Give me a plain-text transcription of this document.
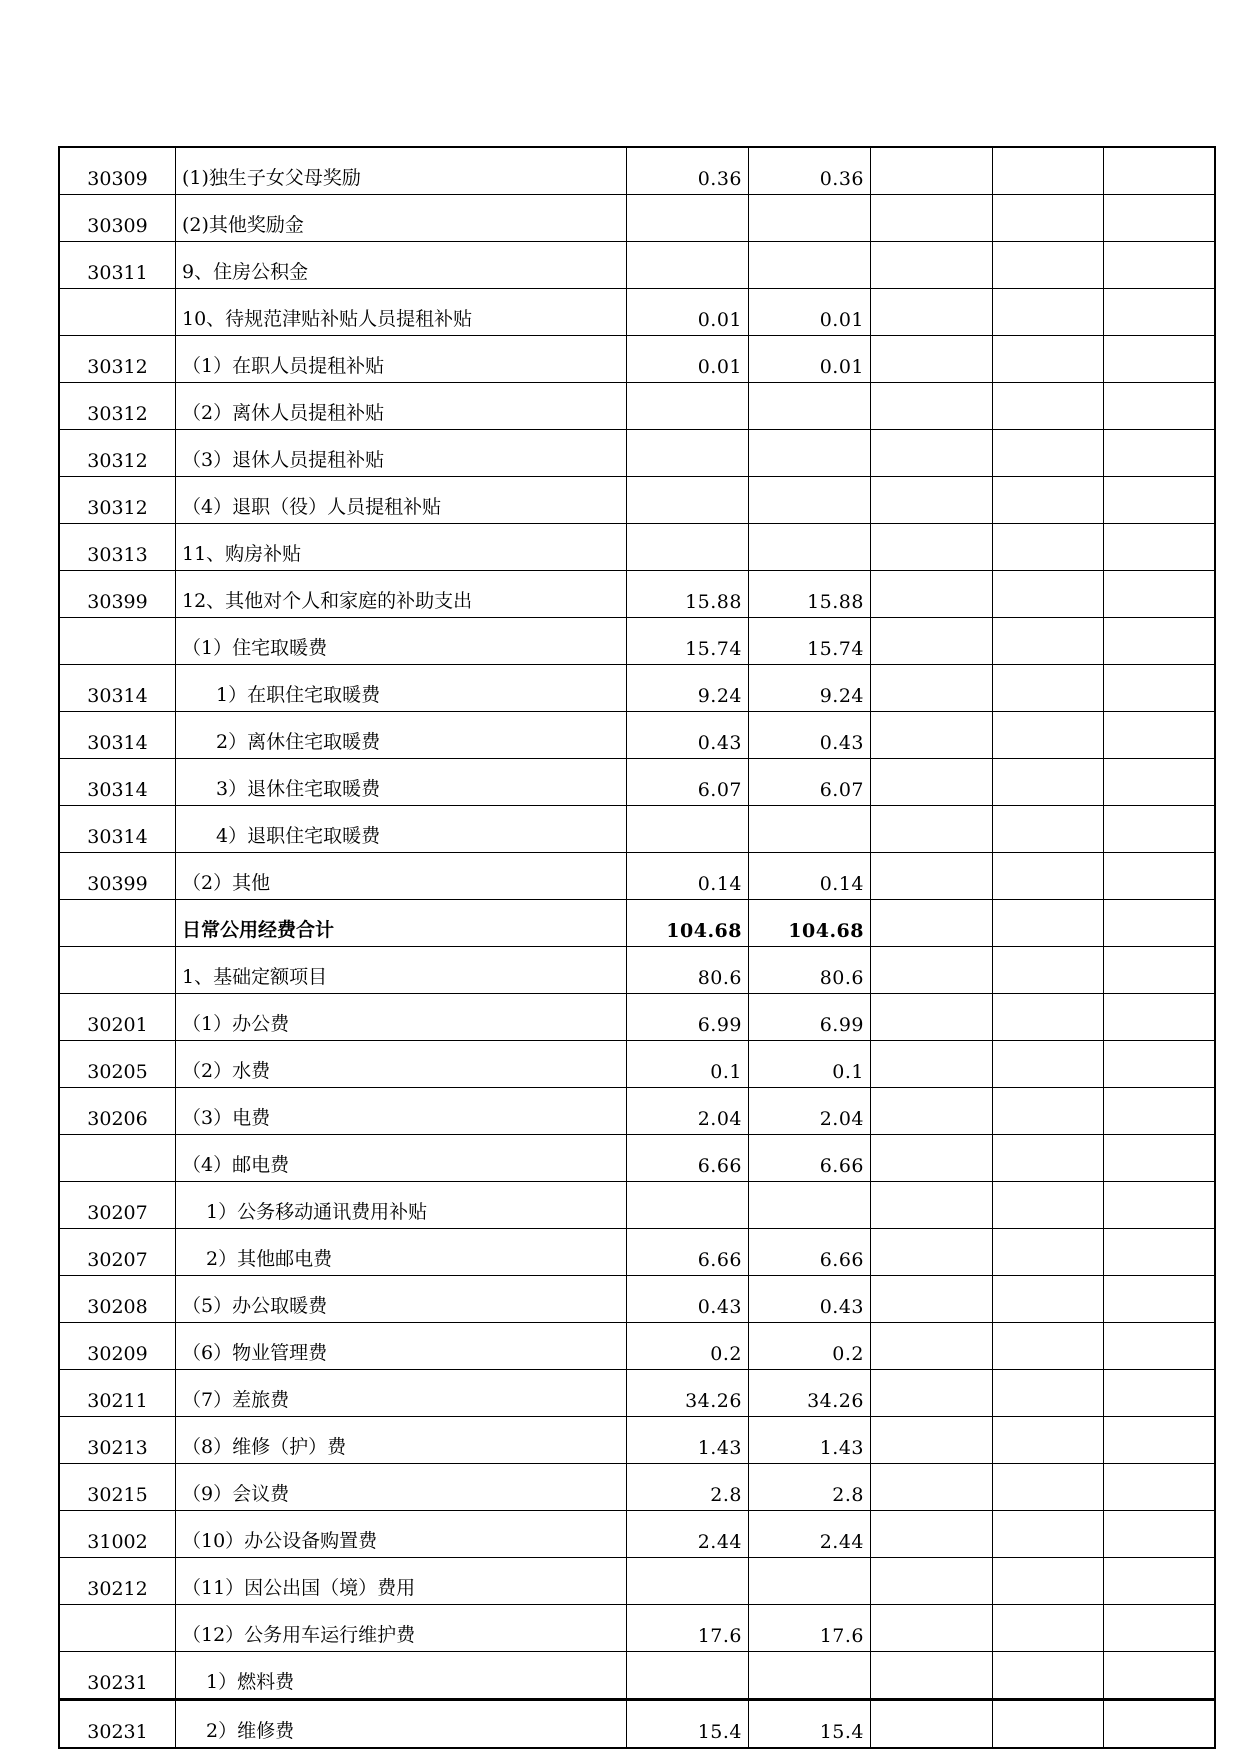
30309	(1)独生子女父母奖励	0.36	0.36			
30309	(2)其他奖励金					
30311	9、住房公积金					
	10、待规范津贴补贴人员提租补贴	0.01	0.01			
30312	（1）在职人员提租补贴	0.01	0.01			
30312	（2）离休人员提租补贴					
30312	（3）退休人员提租补贴					
30312	（4）退职（役）人员提租补贴					
30313	11、购房补贴					
30399	12、其他对个人和家庭的补助支出	15.88	15.88			
	（1）住宅取暖费	15.74	15.74			
30314	1）在职住宅取暖费	9.24	9.24			
30314	2）离休住宅取暖费	0.43	0.43			
30314	3）退休住宅取暖费	6.07	6.07			
30314	4）退职住宅取暖费					
30399	（2）其他	0.14	0.14			
	日常公用经费合计	104.68	104.68			
	1、基础定额项目	80.6	80.6			
30201	（1）办公费	6.99	6.99			
30205	（2）水费	0.1	0.1			
30206	（3）电费	2.04	2.04			
	（4）邮电费	6.66	6.66			
30207	1）公务移动通讯费用补贴					
30207	2）其他邮电费	6.66	6.66			
30208	（5）办公取暖费	0.43	0.43			
30209	（6）物业管理费	0.2	0.2			
30211	（7）差旅费	34.26	34.26			
30213	（8）维修（护）费	1.43	1.43			
30215	（9）会议费	2.8	2.8			
31002	（10）办公设备购置费	2.44	2.44			
30212	（11）因公出国（境）费用					
	（12）公务用车运行维护费	17.6	17.6			
30231	1）燃料费					
30231	2）维修费	15.4	15.4			
